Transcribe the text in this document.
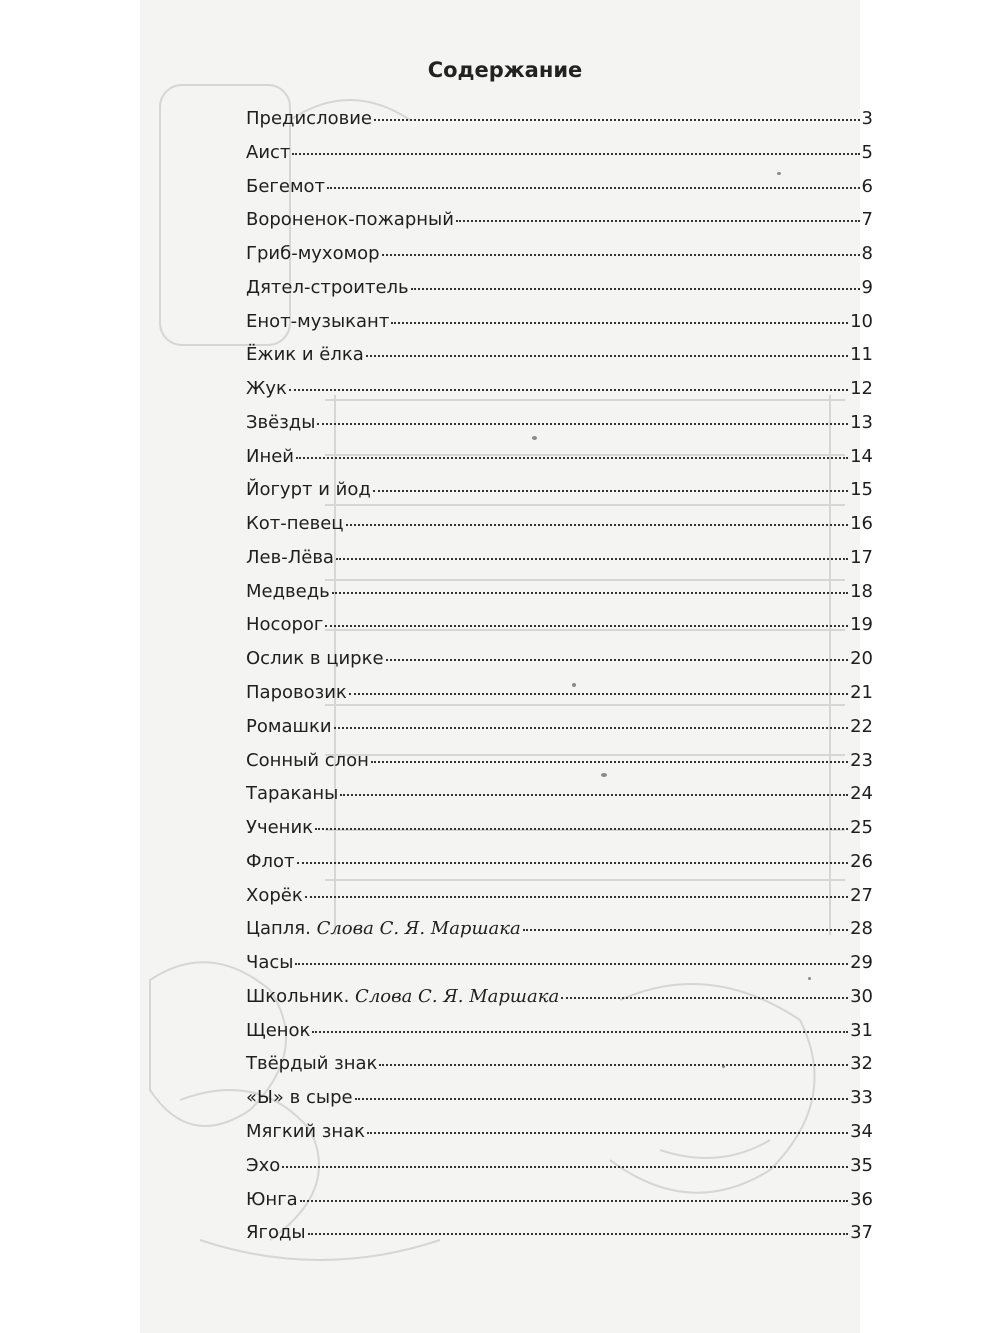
Содержание
Предисловие	3
Аист	5
Бегемот	6
Вороненок-пожарный	7
Гриб-мухомор	8
Дятел-строитель	9
Енот-музыкант	10
Ёжик и ёлка	11
Жук	12
Звёзды	13
Иней	14
Йогурт и йод	15
Кот-певец	16
Лев-Лёва	17
Медведь	18
Носорог	19
Ослик в цирке	20
Паровозик	21
Ромашки	22
Сонный слон	23
Тараканы	24
Ученик	25
Флот	26
Хорёк	27
Цапля. Слова С. Я. Маршака	28
Часы	29
Школьник. Слова С. Я. Маршака	30
Щенок	31
Твёрдый знак	32
«Ы» в сыре	33
Мягкий знак	34
Эхо	35
Юнга	36
Ягоды	37
